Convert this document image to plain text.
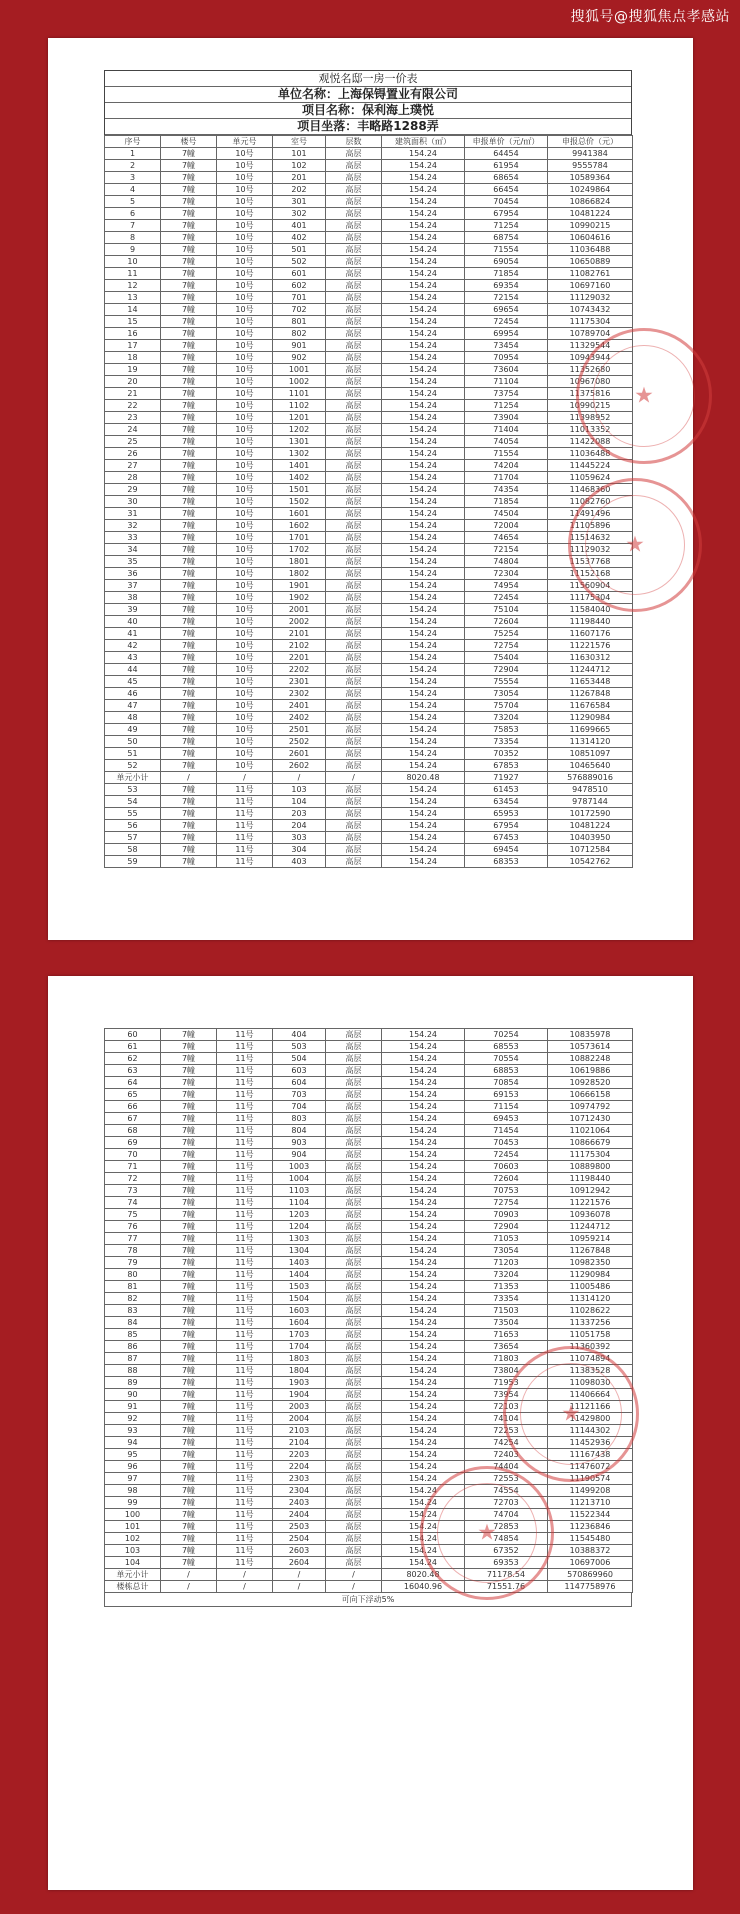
搜狐号@搜狐焦点孝感站
观悦名邸一房一价表
单位名称：上海保锝置业有限公司
项目名称：保利海上璞悦
项目坐落：丰略路1288弄
序号	楼号	单元号	室号	层数	建筑面积（㎡）	申报单价（元/㎡）	申报总价（元）
1	7幢	10号	101	高层	154.24	64454	9941384
2	7幢	10号	102	高层	154.24	61954	9555784
3	7幢	10号	201	高层	154.24	68654	10589364
4	7幢	10号	202	高层	154.24	66454	10249864
5	7幢	10号	301	高层	154.24	70454	10866824
6	7幢	10号	302	高层	154.24	67954	10481224
7	7幢	10号	401	高层	154.24	71254	10990215
8	7幢	10号	402	高层	154.24	68754	10604616
9	7幢	10号	501	高层	154.24	71554	11036488
10	7幢	10号	502	高层	154.24	69054	10650889
11	7幢	10号	601	高层	154.24	71854	11082761
12	7幢	10号	602	高层	154.24	69354	10697160
13	7幢	10号	701	高层	154.24	72154	11129032
14	7幢	10号	702	高层	154.24	69654	10743432
15	7幢	10号	801	高层	154.24	72454	11175304
16	7幢	10号	802	高层	154.24	69954	10789704
17	7幢	10号	901	高层	154.24	73454	11329544
18	7幢	10号	902	高层	154.24	70954	10943944
19	7幢	10号	1001	高层	154.24	73604	11352680
20	7幢	10号	1002	高层	154.24	71104	10967080
21	7幢	10号	1101	高层	154.24	73754	11375816
22	7幢	10号	1102	高层	154.24	71254	10990215
23	7幢	10号	1201	高层	154.24	73904	11398952
24	7幢	10号	1202	高层	154.24	71404	11013352
25	7幢	10号	1301	高层	154.24	74054	11422088
26	7幢	10号	1302	高层	154.24	71554	11036488
27	7幢	10号	1401	高层	154.24	74204	11445224
28	7幢	10号	1402	高层	154.24	71704	11059624
29	7幢	10号	1501	高层	154.24	74354	11468360
30	7幢	10号	1502	高层	154.24	71854	11082760
31	7幢	10号	1601	高层	154.24	74504	11491496
32	7幢	10号	1602	高层	154.24	72004	11105896
33	7幢	10号	1701	高层	154.24	74654	11514632
34	7幢	10号	1702	高层	154.24	72154	11129032
35	7幢	10号	1801	高层	154.24	74804	11537768
36	7幢	10号	1802	高层	154.24	72304	11152168
37	7幢	10号	1901	高层	154.24	74954	11560904
38	7幢	10号	1902	高层	154.24	72454	11175304
39	7幢	10号	2001	高层	154.24	75104	11584040
40	7幢	10号	2002	高层	154.24	72604	11198440
41	7幢	10号	2101	高层	154.24	75254	11607176
42	7幢	10号	2102	高层	154.24	72754	11221576
43	7幢	10号	2201	高层	154.24	75404	11630312
44	7幢	10号	2202	高层	154.24	72904	11244712
45	7幢	10号	2301	高层	154.24	75554	11653448
46	7幢	10号	2302	高层	154.24	73054	11267848
47	7幢	10号	2401	高层	154.24	75704	11676584
48	7幢	10号	2402	高层	154.24	73204	11290984
49	7幢	10号	2501	高层	154.24	75853	11699665
50	7幢	10号	2502	高层	154.24	73354	11314120
51	7幢	10号	2601	高层	154.24	70352	10851097
52	7幢	10号	2602	高层	154.24	67853	10465640
单元小计	/	/	/	/	8020.48	71927	576889016
53	7幢	11号	103	高层	154.24	61453	9478510
54	7幢	11号	104	高层	154.24	63454	9787144
55	7幢	11号	203	高层	154.24	65953	10172590
56	7幢	11号	204	高层	154.24	67954	10481224
57	7幢	11号	303	高层	154.24	67453	10403950
58	7幢	11号	304	高层	154.24	69454	10712584
59	7幢	11号	403	高层	154.24	68353	10542762
★
★
60	7幢	11号	404	高层	154.24	70254	10835978
61	7幢	11号	503	高层	154.24	68553	10573614
62	7幢	11号	504	高层	154.24	70554	10882248
63	7幢	11号	603	高层	154.24	68853	10619886
64	7幢	11号	604	高层	154.24	70854	10928520
65	7幢	11号	703	高层	154.24	69153	10666158
66	7幢	11号	704	高层	154.24	71154	10974792
67	7幢	11号	803	高层	154.24	69453	10712430
68	7幢	11号	804	高层	154.24	71454	11021064
69	7幢	11号	903	高层	154.24	70453	10866679
70	7幢	11号	904	高层	154.24	72454	11175304
71	7幢	11号	1003	高层	154.24	70603	10889800
72	7幢	11号	1004	高层	154.24	72604	11198440
73	7幢	11号	1103	高层	154.24	70753	10912942
74	7幢	11号	1104	高层	154.24	72754	11221576
75	7幢	11号	1203	高层	154.24	70903	10936078
76	7幢	11号	1204	高层	154.24	72904	11244712
77	7幢	11号	1303	高层	154.24	71053	10959214
78	7幢	11号	1304	高层	154.24	73054	11267848
79	7幢	11号	1403	高层	154.24	71203	10982350
80	7幢	11号	1404	高层	154.24	73204	11290984
81	7幢	11号	1503	高层	154.24	71353	11005486
82	7幢	11号	1504	高层	154.24	73354	11314120
83	7幢	11号	1603	高层	154.24	71503	11028622
84	7幢	11号	1604	高层	154.24	73504	11337256
85	7幢	11号	1703	高层	154.24	71653	11051758
86	7幢	11号	1704	高层	154.24	73654	11360392
87	7幢	11号	1803	高层	154.24	71803	11074894
88	7幢	11号	1804	高层	154.24	73804	11383528
89	7幢	11号	1903	高层	154.24	71953	11098030
90	7幢	11号	1904	高层	154.24	73954	11406664
91	7幢	11号	2003	高层	154.24	72103	11121166
92	7幢	11号	2004	高层	154.24	74104	11429800
93	7幢	11号	2103	高层	154.24	72253	11144302
94	7幢	11号	2104	高层	154.24	74254	11452936
95	7幢	11号	2203	高层	154.24	72403	11167438
96	7幢	11号	2204	高层	154.24	74404	11476072
97	7幢	11号	2303	高层	154.24	72553	11190574
98	7幢	11号	2304	高层	154.24	74554	11499208
99	7幢	11号	2403	高层	154.24	72703	11213710
100	7幢	11号	2404	高层	154.24	74704	11522344
101	7幢	11号	2503	高层	154.24	72853	11236846
102	7幢	11号	2504	高层	154.24	74854	11545480
103	7幢	11号	2603	高层	154.24	67352	10388372
104	7幢	11号	2604	高层	154.24	69353	10697006
单元小计	/	/	/	/	8020.48	71178.54	570869960
楼栋总计	/	/	/	/	16040.96	71551.76	1147758976
可向下浮动5%
★
★
